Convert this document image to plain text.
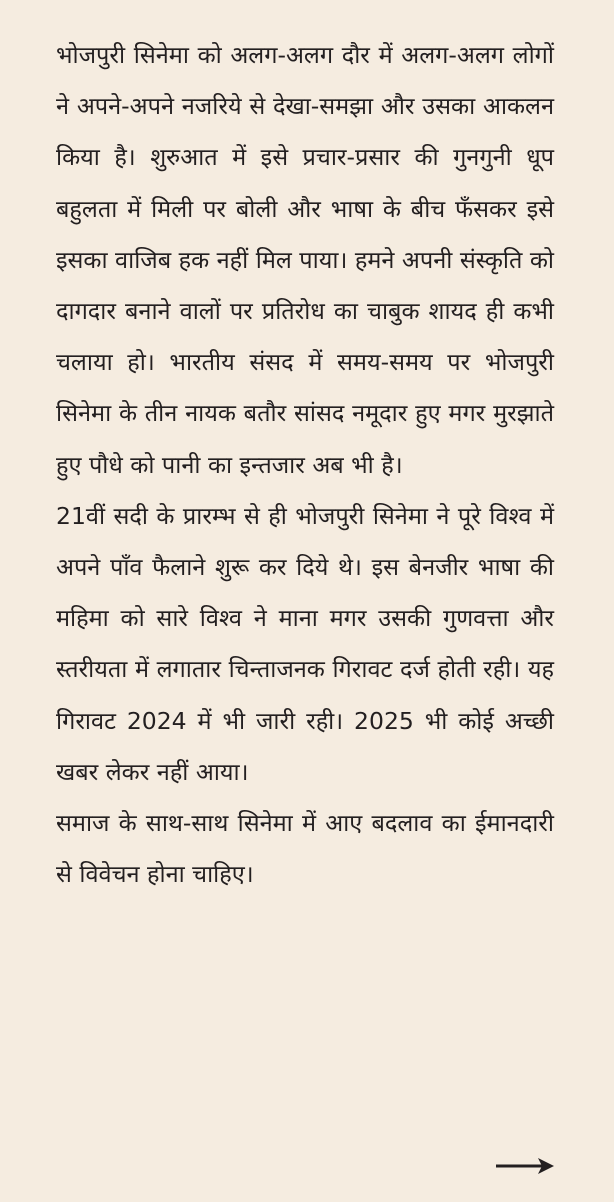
भोजपुरी सिनेमा को अलग-अलग दौर में अलग-अलग लोगों ने अपने-अपने नजरिये से देखा-समझा और उसका आकलन किया है। शुरुआत में इसे प्रचार-प्रसार की गुनगुनी धूप बहुलता में मिली पर बोली और भाषा के बीच फँसकर इसे इसका वाजिब हक नहीं मिल पाया। हमने अपनी संस्कृति को दागदार बनाने वालों पर प्रतिरोध का चाबुक शायद ही कभी चलाया हो। भारतीय संसद में समय-समय पर भोजपुरी सिनेमा के तीन नायक बतौर सांसद नमूदार हुए मगर मुरझाते हुए पौधे को पानी का इन्तजार अब भी है।

21वीं सदी के प्रारम्भ से ही भोजपुरी सिनेमा ने पूरे विश्व में अपने पाँव फैलाने शुरू कर दिये थे। इस बेनजीर भाषा की महिमा को सारे विश्व ने माना मगर उसकी गुणवत्ता और स्तरीयता में लगातार चिन्ताजनक गिरावट दर्ज होती रही। यह गिरावट 2024 में भी जारी रही। 2025 भी कोई अच्छी खबर लेकर नहीं आया।

समाज के साथ-साथ सिनेमा में आए बदलाव का ईमानदारी से विवेचन होना चाहिए।
